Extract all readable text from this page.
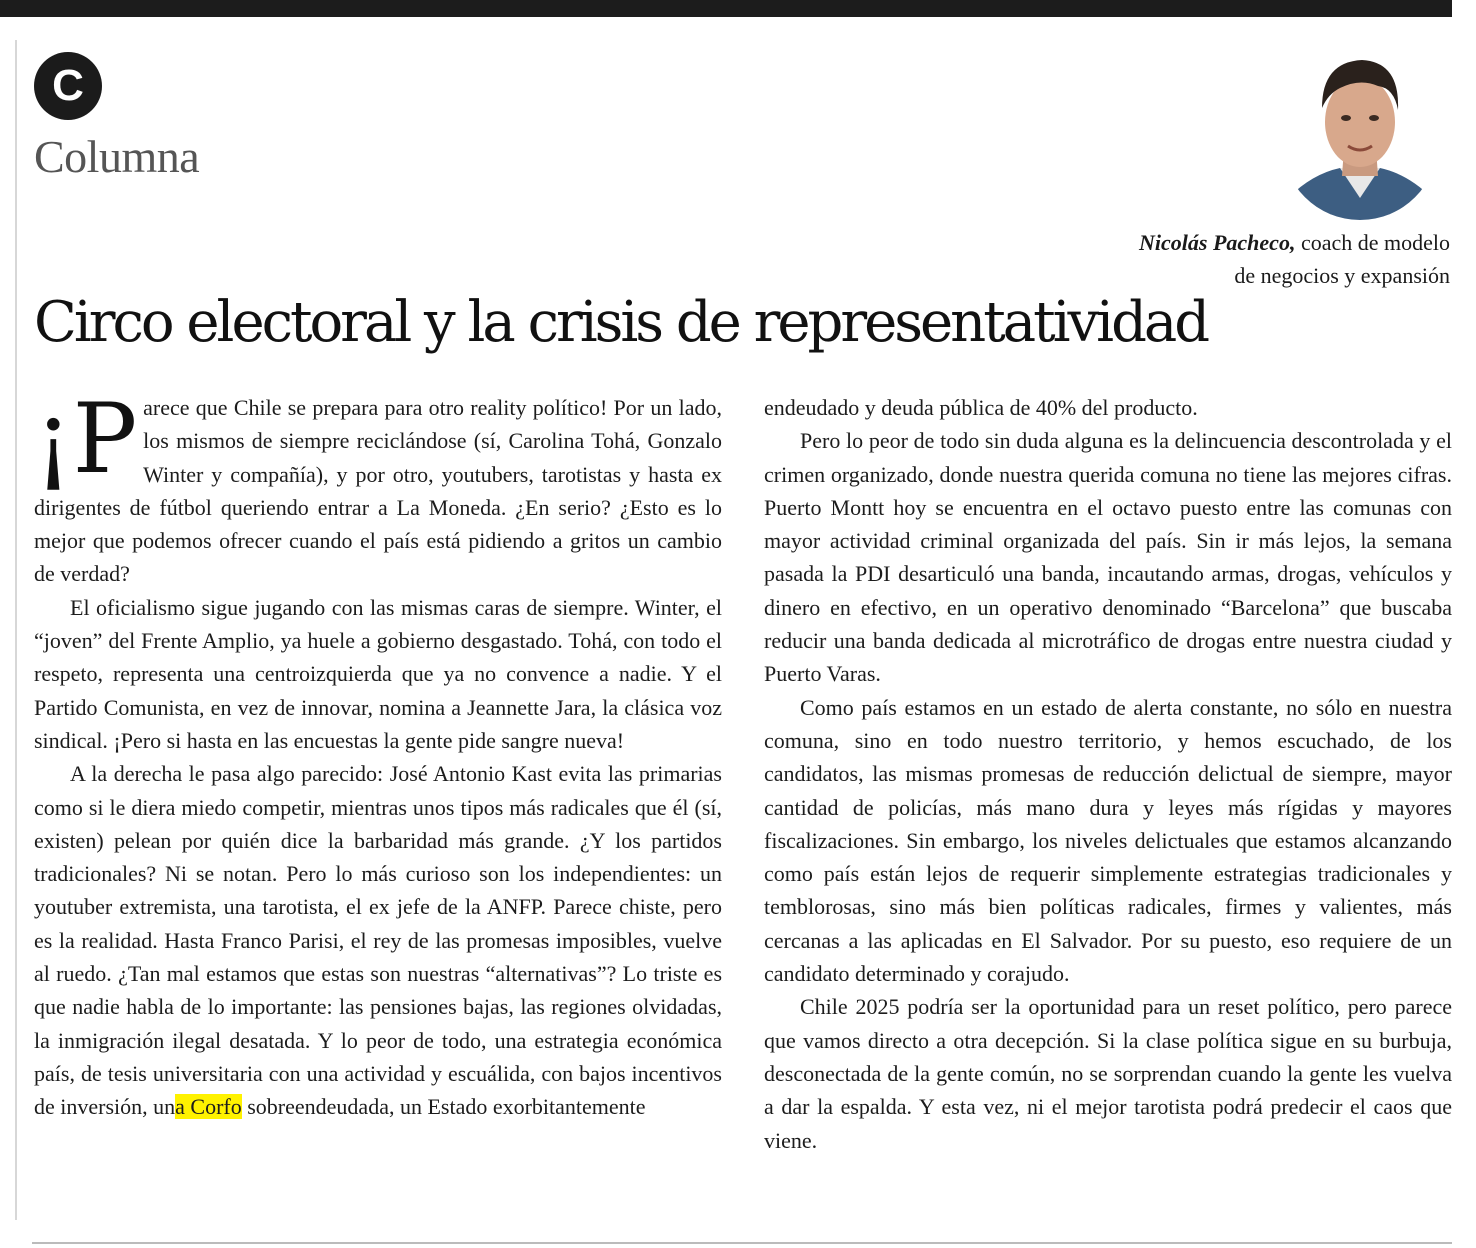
C
Columna
Nicolás Pacheco, coach de modelo
de negocios y expansión
Circo electoral y la crisis de representatividad

¡P arece que Chile se prepara para otro reality político! Por un lado, los mismos de siempre reciclándose (sí, Carolina Tohá, Gonzalo Winter y compañía), y por otro, youtubers, tarotistas y hasta ex dirigentes de fútbol queriendo entrar a La Moneda. ¿En serio? ¿Esto es lo mejor que podemos ofrecer cuando el país está pidiendo a gritos un cambio de verdad?

El oficialismo sigue jugando con las mismas caras de siempre. Winter, el “joven” del Frente Amplio, ya huele a gobierno desgastado. Tohá, con todo el respeto, representa una centroizquierda que ya no convence a nadie. Y el Partido Comunista, en vez de innovar, nomina a Jeannette Jara, la clásica voz sindical. ¡Pero si hasta en las encuestas la gente pide sangre nueva!

A la derecha le pasa algo parecido: José Antonio Kast evita las primarias como si le diera miedo competir, mientras unos tipos más radicales que él (sí, existen) pelean por quién dice la barbaridad más grande. ¿Y los partidos tradicionales? Ni se notan. Pero lo más curioso son los independientes: un youtuber extremista, una tarotista, el ex jefe de la ANFP. Parece chiste, pero es la realidad. Hasta Franco Parisi, el rey de las promesas imposibles, vuelve al ruedo. ¿Tan mal estamos que estas son nuestras “alternativas”? Lo triste es que nadie habla de lo importante: las pensiones bajas, las regiones olvidadas, la inmigración ilegal desatada. Y lo peor de todo, una estrategia económica país, de tesis universitaria con una actividad y escuálida, con bajos incentivos de inversión, una Corfo sobreendeudada, un Estado exorbitantemente

endeudado y deuda pública de 40% del producto.

Pero lo peor de todo sin duda alguna es la delincuencia descontrolada y el crimen organizado, donde nuestra querida comuna no tiene las mejores cifras. Puerto Montt hoy se encuentra en el octavo puesto entre las comunas con mayor actividad criminal organizada del país. Sin ir más lejos, la semana pasada la PDI desarticuló una banda, incautando armas, drogas, vehículos y dinero en efectivo, en un operativo denominado “Barcelona” que buscaba reducir una banda dedicada al microtráfico de drogas entre nuestra ciudad y Puerto Varas.

Como país estamos en un estado de alerta constante, no sólo en nuestra comuna, sino en todo nuestro territorio, y hemos escuchado, de los candidatos, las mismas promesas de reducción delictual de siempre, mayor cantidad de policías, más mano dura y leyes más rígidas y mayores fiscalizaciones. Sin embargo, los niveles delictuales que estamos alcanzando como país están lejos de requerir simplemente estrategias tradicionales y temblorosas, sino más bien políticas radicales, firmes y valientes, más cercanas a las aplicadas en El Salvador. Por su puesto, eso requiere de un candidato determinado y corajudo.

Chile 2025 podría ser la oportunidad para un reset político, pero parece que vamos directo a otra decepción. Si la clase política sigue en su burbuja, desconectada de la gente común, no se sorprendan cuando la gente les vuelva a dar la espalda. Y esta vez, ni el mejor tarotista podrá predecir el caos que viene.
